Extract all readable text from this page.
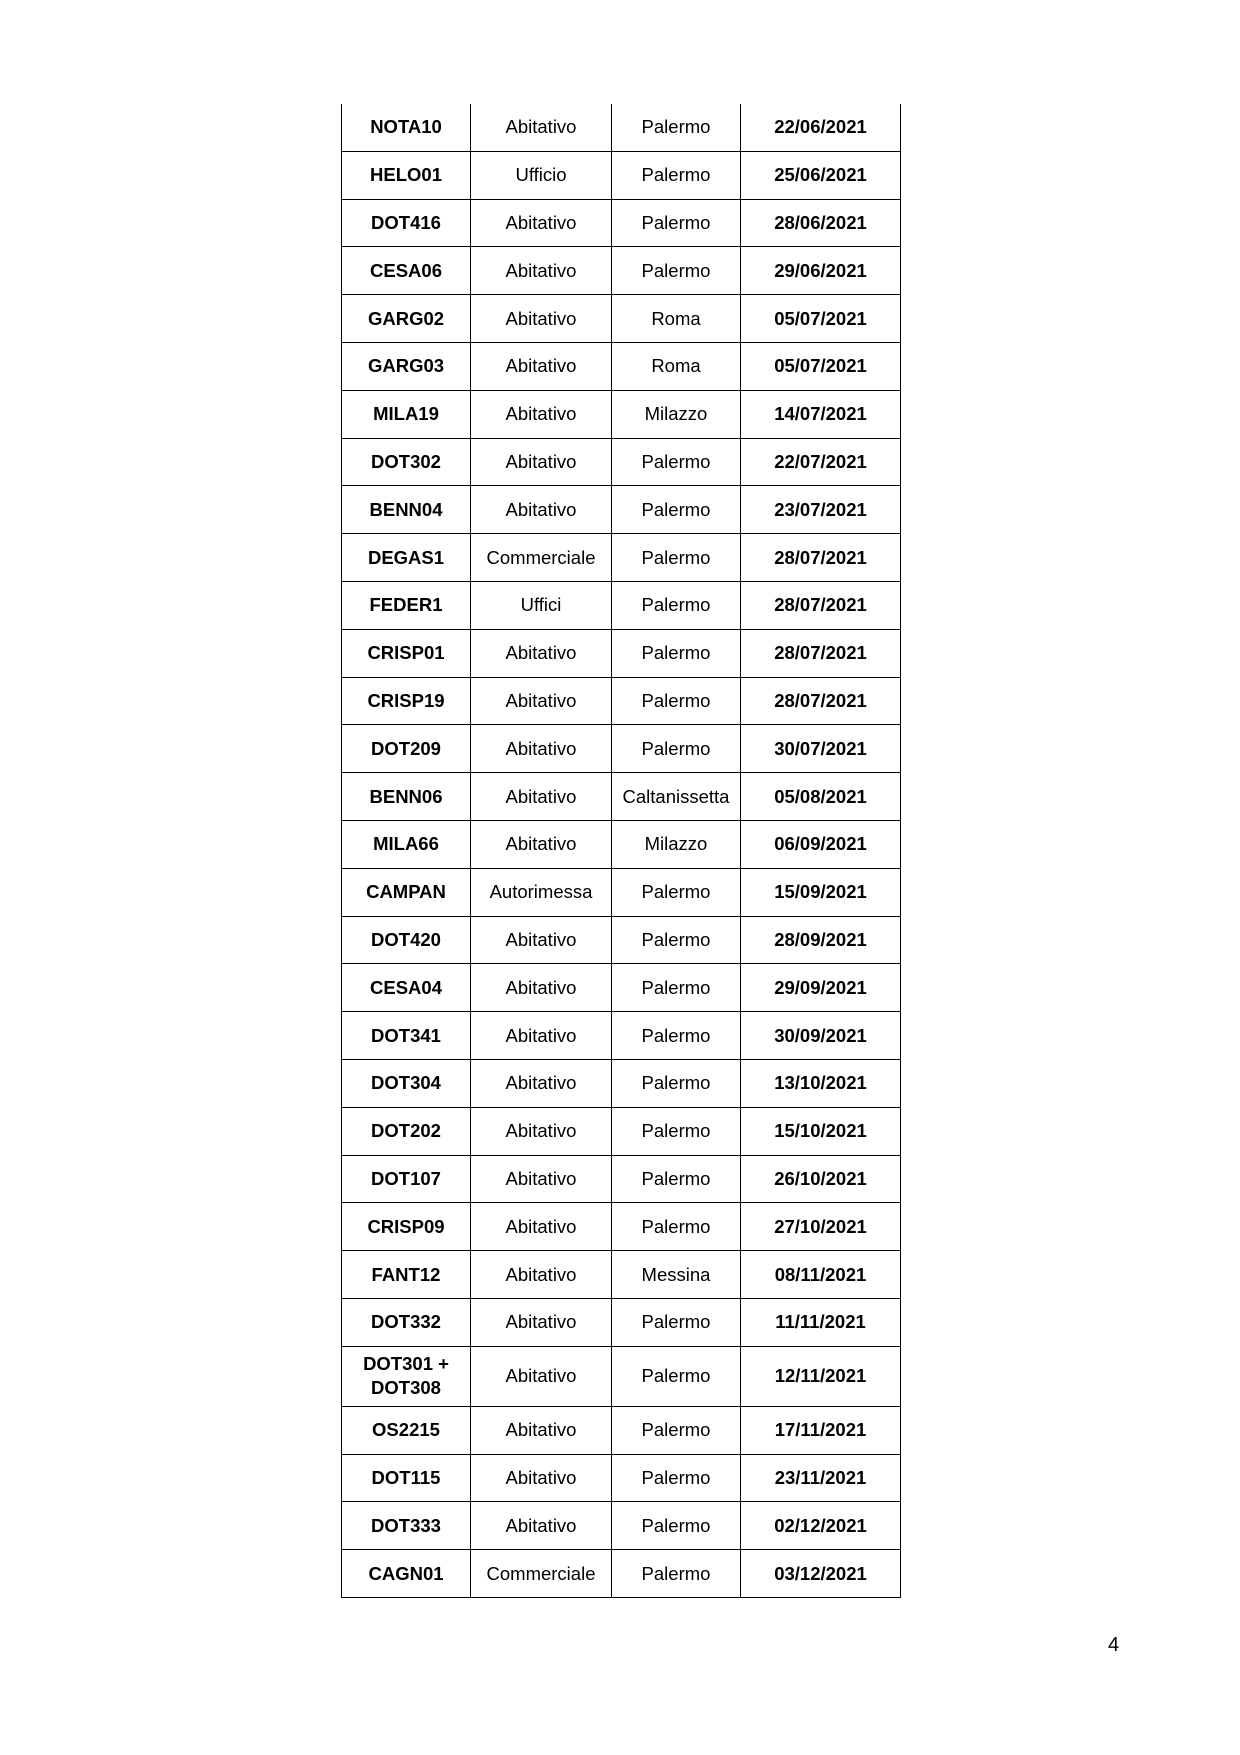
NOTA10	Abitativo	Palermo	22/06/2021
HELO01	Ufficio	Palermo	25/06/2021
DOT416	Abitativo	Palermo	28/06/2021
CESA06	Abitativo	Palermo	29/06/2021
GARG02	Abitativo	Roma	05/07/2021
GARG03	Abitativo	Roma	05/07/2021
MILA19	Abitativo	Milazzo	14/07/2021
DOT302	Abitativo	Palermo	22/07/2021
BENN04	Abitativo	Palermo	23/07/2021
DEGAS1	Commerciale	Palermo	28/07/2021
FEDER1	Uffici	Palermo	28/07/2021
CRISP01	Abitativo	Palermo	28/07/2021
CRISP19	Abitativo	Palermo	28/07/2021
DOT209	Abitativo	Palermo	30/07/2021
BENN06	Abitativo	Caltanissetta	05/08/2021
MILA66	Abitativo	Milazzo	06/09/2021
CAMPAN	Autorimessa	Palermo	15/09/2021
DOT420	Abitativo	Palermo	28/09/2021
CESA04	Abitativo	Palermo	29/09/2021
DOT341	Abitativo	Palermo	30/09/2021
DOT304	Abitativo	Palermo	13/10/2021
DOT202	Abitativo	Palermo	15/10/2021
DOT107	Abitativo	Palermo	26/10/2021
CRISP09	Abitativo	Palermo	27/10/2021
FANT12	Abitativo	Messina	08/11/2021
DOT332	Abitativo	Palermo	11/11/2021
DOT301 + DOT308	Abitativo	Palermo	12/11/2021
OS2215	Abitativo	Palermo	17/11/2021
DOT115	Abitativo	Palermo	23/11/2021
DOT333	Abitativo	Palermo	02/12/2021
CAGN01	Commerciale	Palermo	03/12/2021
4
